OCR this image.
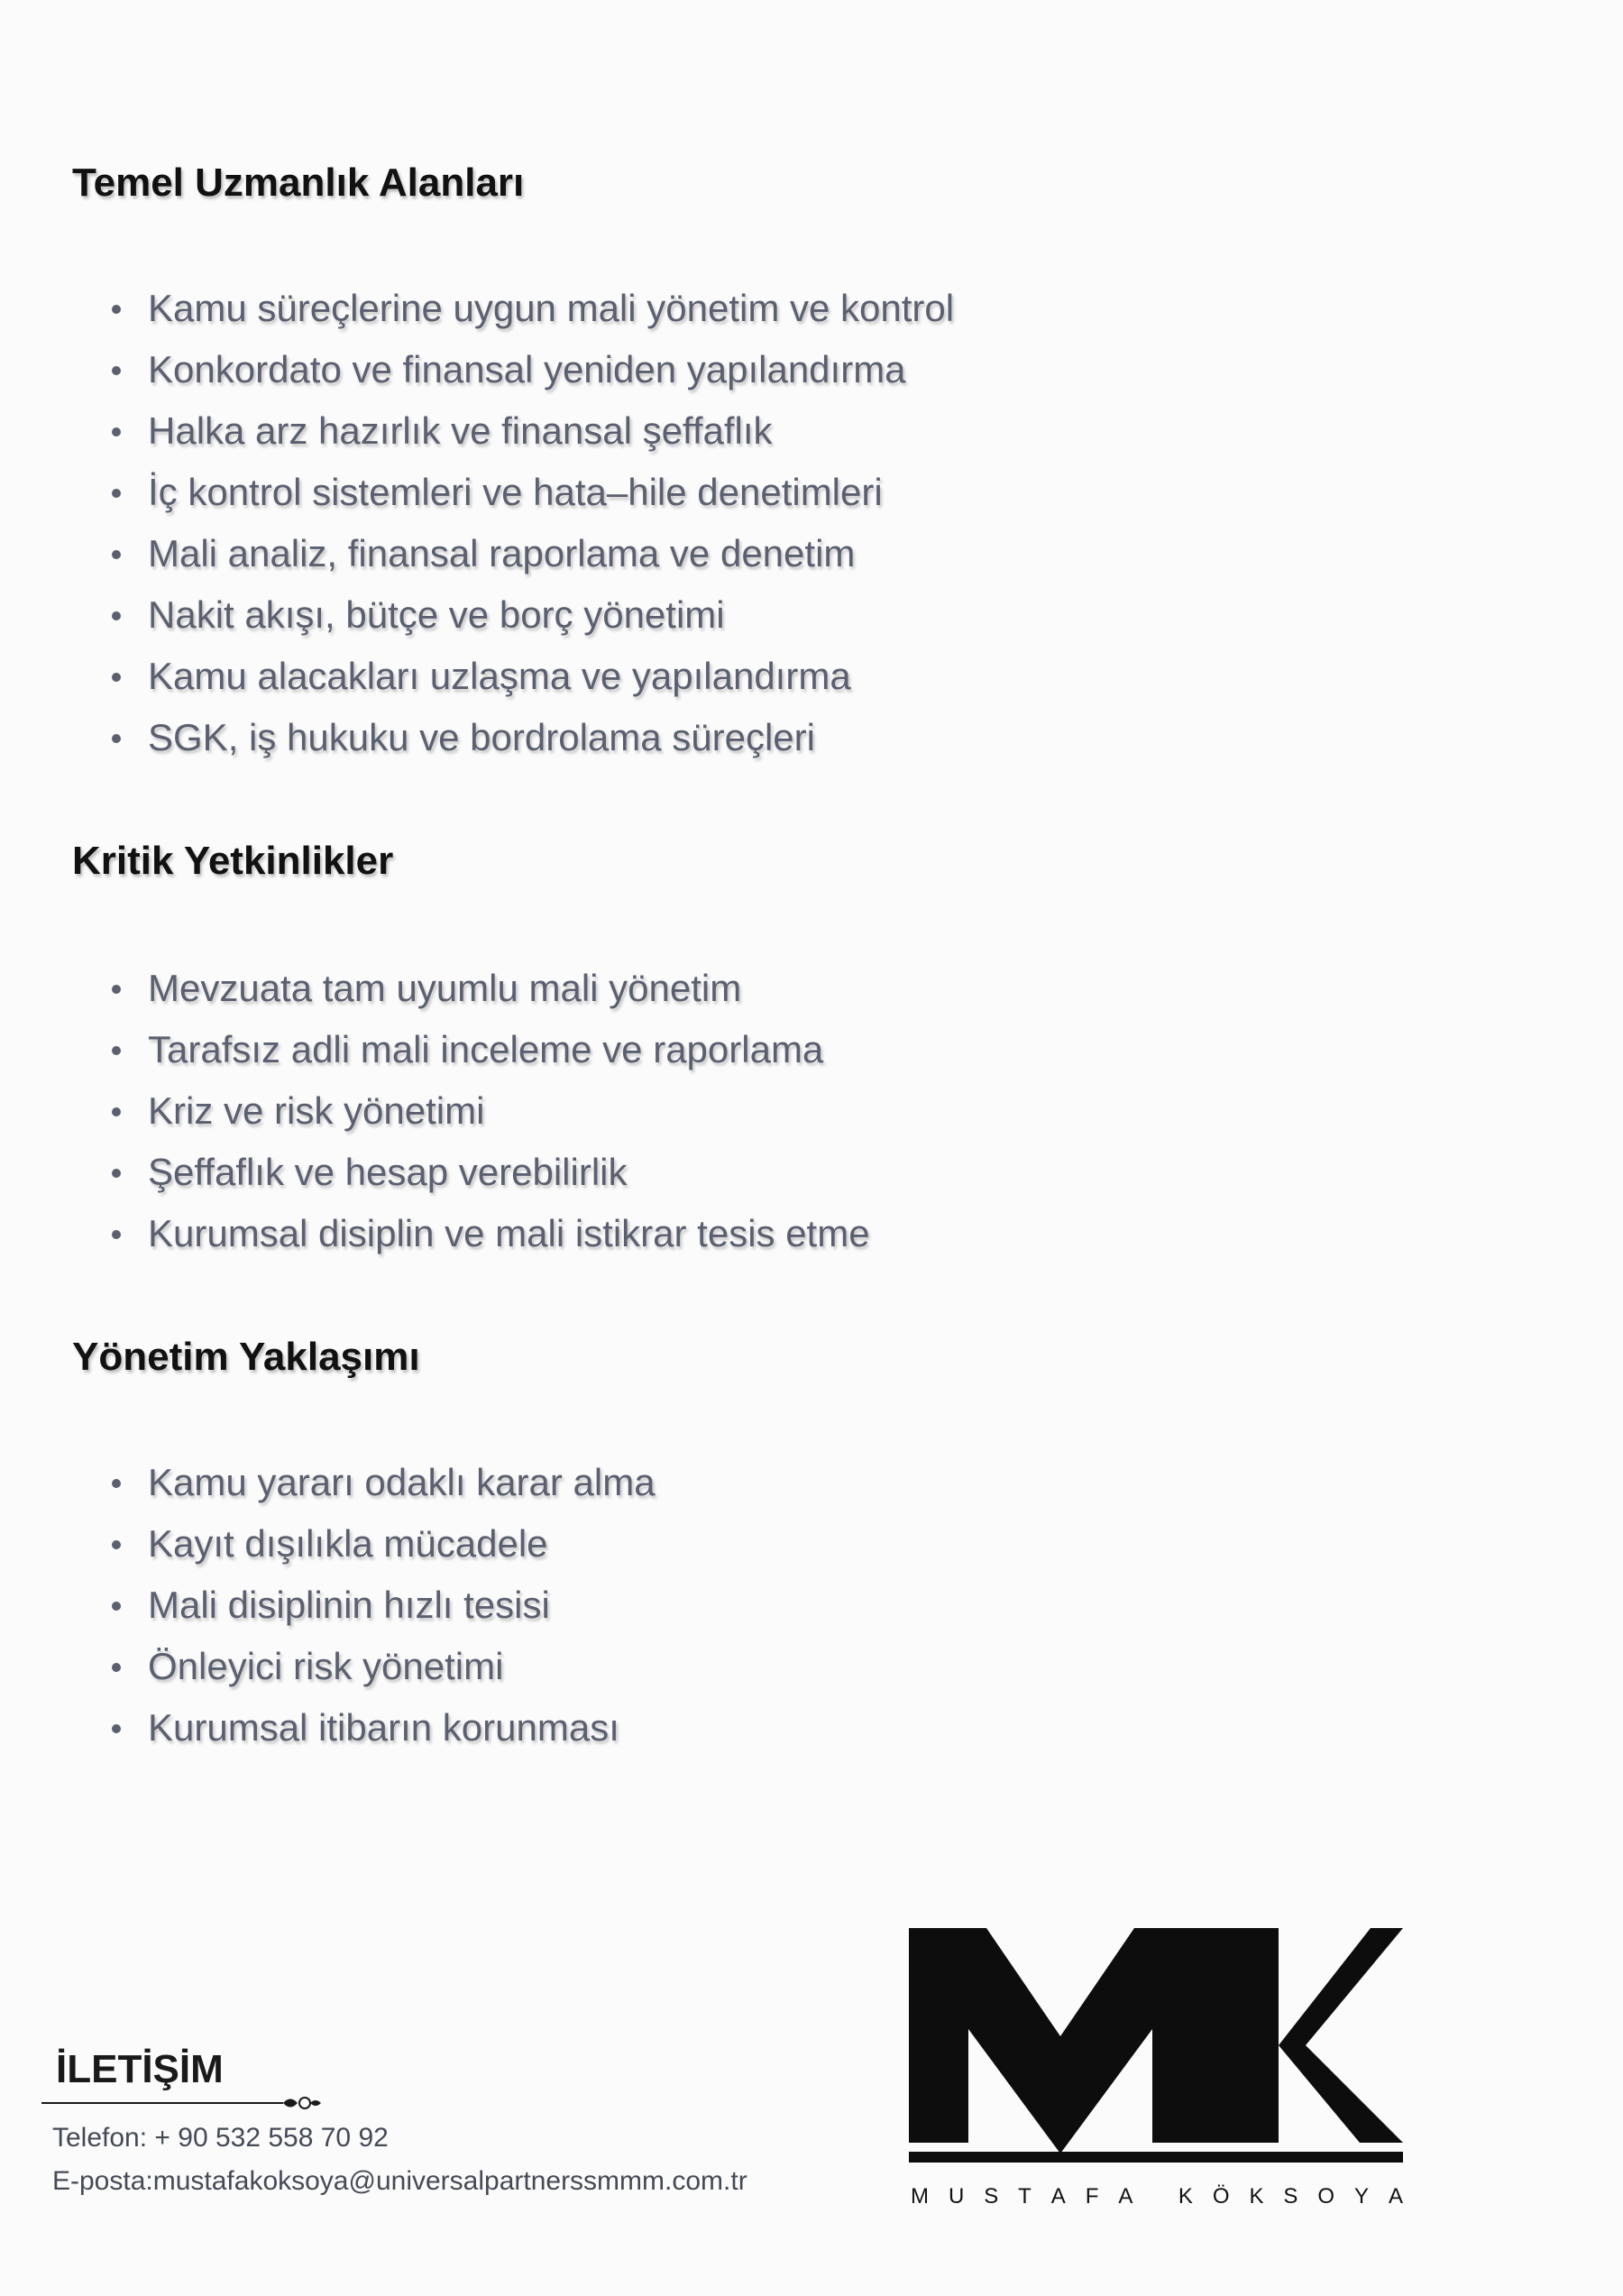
Temel Uzmanlık Alanları
Kamu süreçlerine uygun mali yönetim ve kontrol
Konkordato ve finansal yeniden yapılandırma
Halka arz hazırlık ve finansal şeffaflık
İç kontrol sistemleri ve hata–hile denetimleri
Mali analiz, finansal raporlama ve denetim
Nakit akışı, bütçe ve borç yönetimi
Kamu alacakları uzlaşma ve yapılandırma
SGK, iş hukuku ve bordrolama süreçleri
Kritik Yetkinlikler
Mevzuata tam uyumlu mali yönetim
Tarafsız adli mali inceleme ve raporlama
Kriz ve risk yönetimi
Şeffaflık ve hesap verebilirlik
Kurumsal disiplin ve mali istikrar tesis etme
Yönetim Yaklaşımı
Kamu yararı odaklı karar alma
Kayıt dışılıkla mücadele
Mali disiplinin hızlı tesisi
Önleyici risk yönetimi
Kurumsal itibarın korunması
İLETİŞİM
Telefon: + 90 532 558 70 92
E-posta:mustafakoksoya@universalpartnerssmmm.com.tr
M U S T A F A
K Ö K S O Y A
